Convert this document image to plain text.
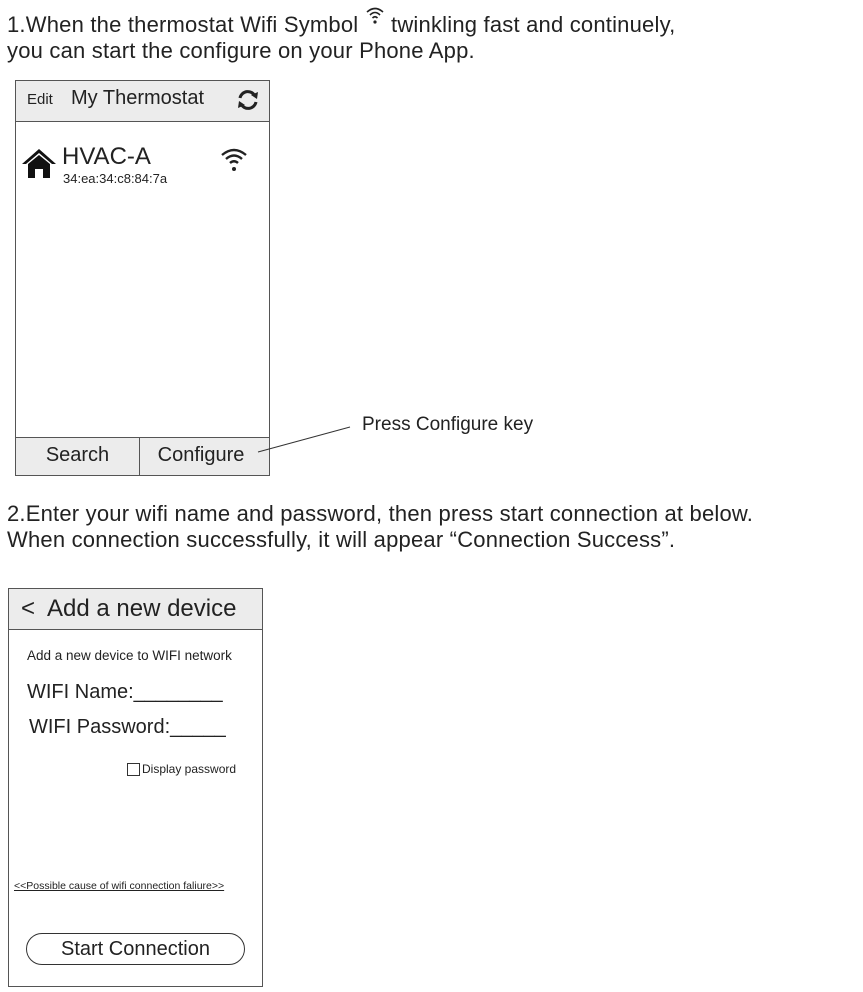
1.When the thermostat Wifi Symbol twinkling fast and continuely,
you can start the configure on your Phone App.
Edit My Thermostat
HVAC-A
34:ea:34:c8:84:7a
Search	Configure
Press Configure key
2.Enter your wifi name and password, then press start connection at below.
When connection successfully, it will appear “Connection Success”.
< Add a new device
Add a new device to WIFI network
WIFI Name:________
WIFI Password:_____
Display password
<<Possible cause of wifi connection faliure>>
Start Connection
